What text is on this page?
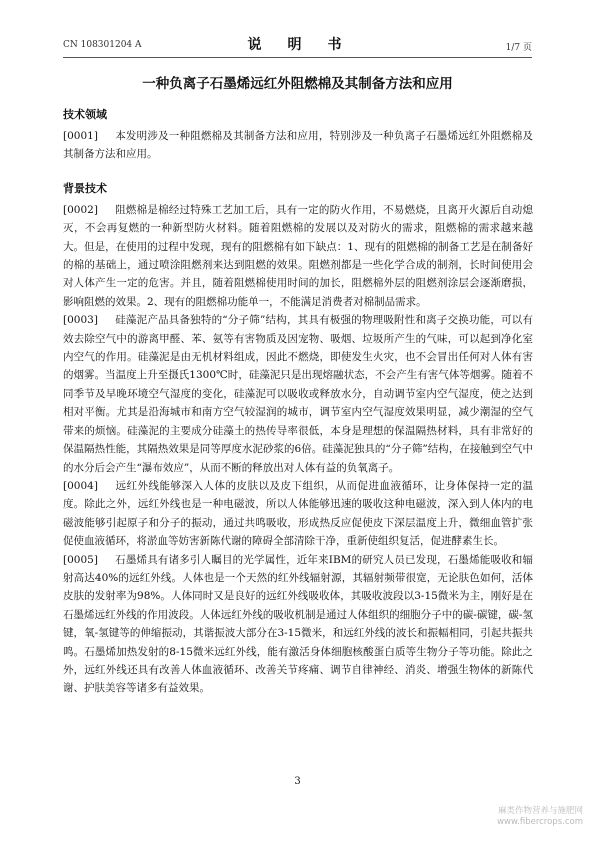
CN 108301204 A	说　明　书	1/7 页
一种负离子石墨烯远红外阻燃棉及其制备方法和应用
技术领域

[0001] 本发明涉及一种阻燃棉及其制备方法和应用，特别涉及一种负离子石墨烯远红外阻燃棉及其制备方法和应用。

背景技术

[0002] 阻燃棉是棉经过特殊工艺加工后，具有一定的防火作用，不易燃烧，且离开火源后自动熄灭，不会再复燃的一种新型防火材料。随着阻燃棉的发展以及对防火的需求，阻燃棉的需求越来越大。但是，在使用的过程中发现，现有的阻燃棉有如下缺点：1、现有的阻燃棉的制备工艺是在制备好的棉的基础上，通过喷涂阻燃剂来达到阻燃的效果。阻燃剂都是一些化学合成的制剂，长时间使用会对人体产生一定的危害。并且，随着阻燃棉使用时间的加长，阻燃棉外层的阻燃剂涂层会逐渐磨损，影响阻燃的效果。2、现有的阻燃棉功能单一，不能满足消费者对棉制品需求。

[0003] 硅藻泥产品具备独特的“分子筛”结构，其具有极强的物理吸附性和离子交换功能，可以有效去除空气中的游离甲醛、苯、氨等有害物质及因宠物、吸烟、垃圾所产生的气味，可以起到净化室内空气的作用。硅藻泥是由无机材料组成，因此不燃烧，即使发生火灾，也不会冒出任何对人体有害的烟雾。当温度上升至摄氏1300℃时，硅藻泥只是出现熔融状态，不会产生有害气体等烟雾。随着不同季节及早晚环境空气湿度的变化，硅藻泥可以吸收或释放水分，自动调节室内空气湿度，使之达到相对平衡。尤其是沿海城市和南方空气较湿润的城市，调节室内空气湿度效果明显，减少潮湿的空气带来的烦恼。硅藻泥的主要成分硅藻土的热传导率很低，本身是理想的保温隔热材料，具有非常好的保温隔热性能，其隔热效果是同等厚度水泥砂浆的6倍。硅藻泥独具的“分子筛”结构，在接触到空气中的水分后会产生“瀑布效应”，从而不断的释放出对人体有益的负氧离子。

[0004] 远红外线能够深入人体的皮肤以及皮下组织，从而促进血液循环，让身体保持一定的温度。除此之外，远红外线也是一种电磁波，所以人体能够迅速的吸收这种电磁波，深入到人体内的电磁波能够引起原子和分子的振动，通过共鸣吸收，形成热反应促使皮下深层温度上升，微细血管扩张促使血液循环，将淤血等妨害新陈代谢的障碍全部清除干净，重新使组织复活，促进酵素生长。

[0005] 石墨烯具有诸多引人瞩目的光学属性，近年来IBM的研究人员已发现，石墨烯能吸收和辐射高达40%的远红外线。人体也是一个天然的红外线辐射源，其辐射频带很宽，无论肤色如何，活体皮肤的发射率为98%。人体同时又是良好的远红外线吸收体，其吸收波段以3-15微米为主，刚好是在石墨烯远红外线的作用波段。人体远红外线的吸收机制是通过人体组织的细胞分子中的碳-碳键，碳-氢键，氧-氢键等的伸缩振动，其谐振波大部分在3-15微米，和远红外线的波长和振幅相同，引起共振共鸣。石墨烯加热发射的8-15微米远红外线，能有激活身体细胞核酸蛋白质等生物分子等功能。除此之外，远红外线还具有改善人体血液循环、改善关节疼痛、调节自律神经、消炎、增强生物体的新陈代谢、护肤美容等诸多有益效果。

3
麻类作物营养与施肥网
www.fibercrops.com
